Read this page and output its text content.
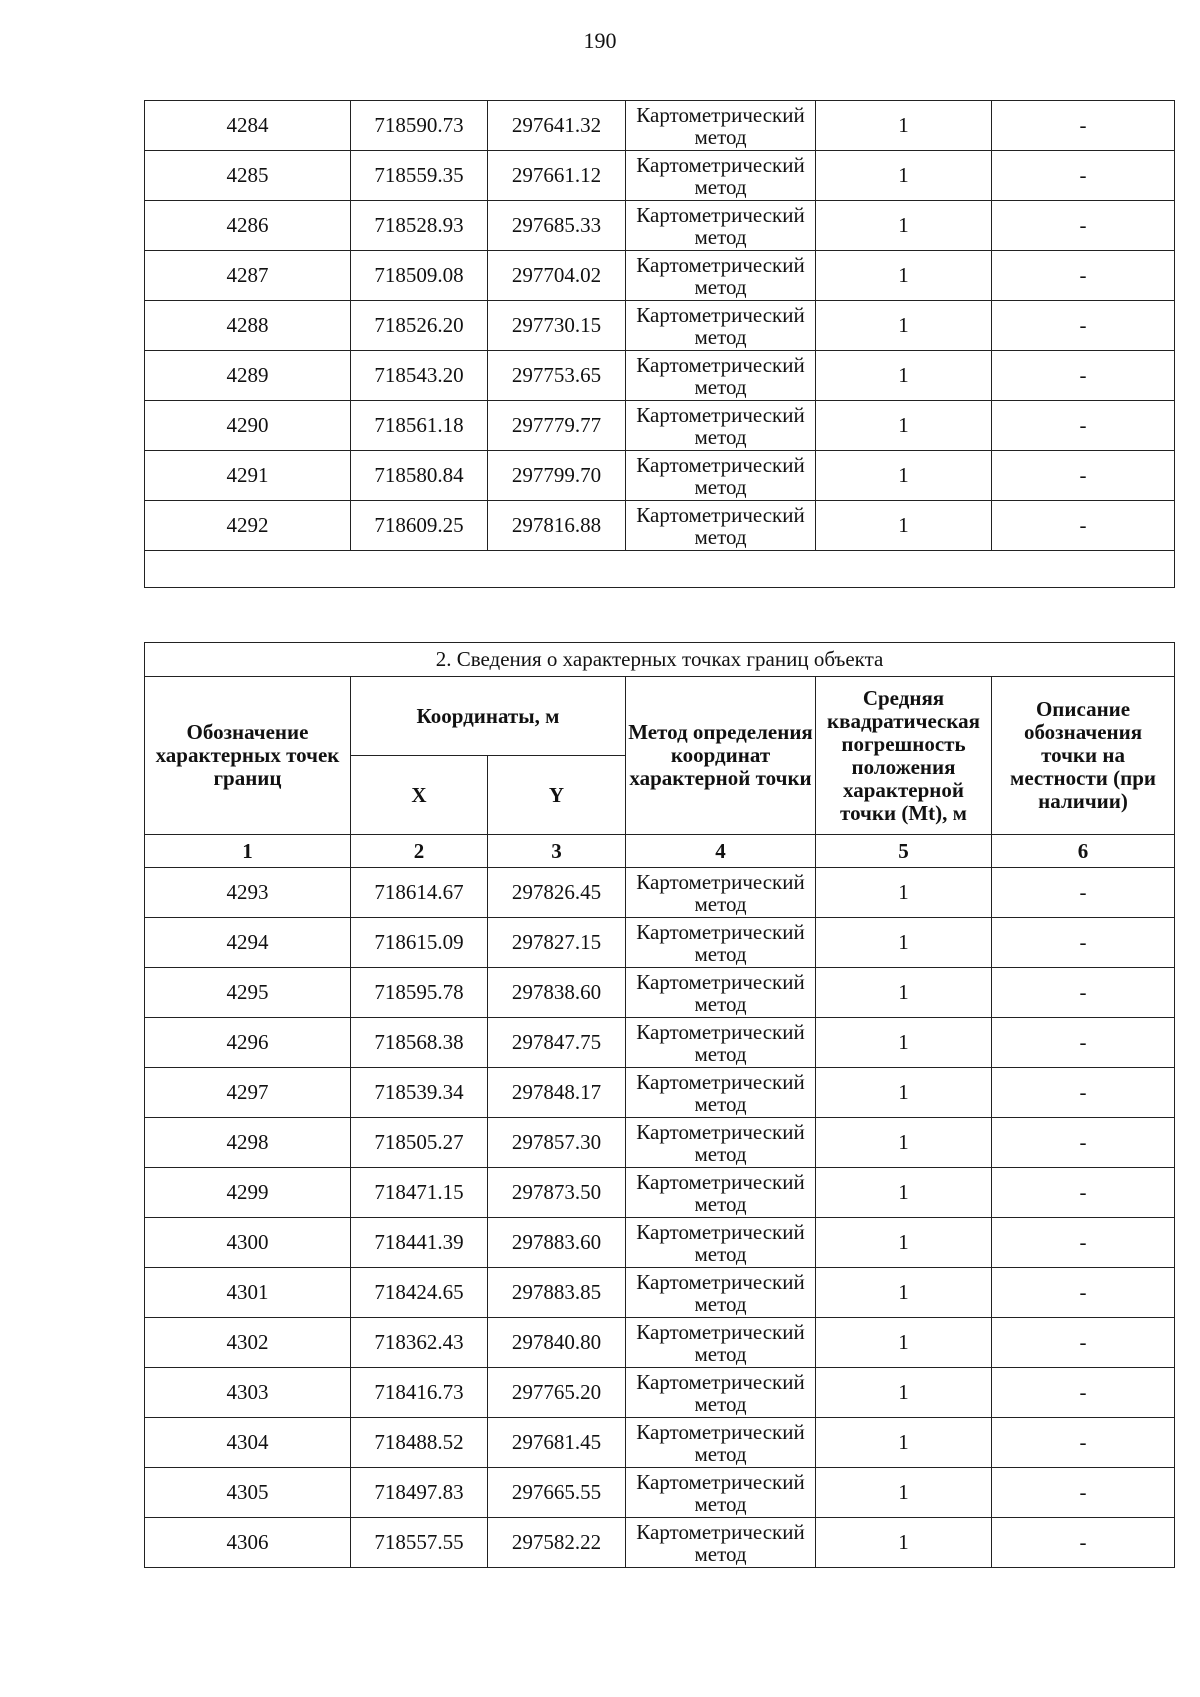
190
4284	718590.73	297641.32	Картометрический метод	1	-
4285	718559.35	297661.12	Картометрический метод	1	-
4286	718528.93	297685.33	Картометрический метод	1	-
4287	718509.08	297704.02	Картометрический метод	1	-
4288	718526.20	297730.15	Картометрический метод	1	-
4289	718543.20	297753.65	Картометрический метод	1	-
4290	718561.18	297779.77	Картометрический метод	1	-
4291	718580.84	297799.70	Картометрический метод	1	-
4292	718609.25	297816.88	Картометрический метод	1	-

2. Сведения о характерных точках границ объекта					
Обозначение характерных точек границ	Координаты, м		Метод определения координат характерной точки	Средняя квадратическая погрешность положения характерной точки (Mt), м	Описание обозначения точки на местности (при наличии)
	X	Y			
1	2	3	4	5	6
4293	718614.67	297826.45	Картометрический метод	1	-
4294	718615.09	297827.15	Картометрический метод	1	-
4295	718595.78	297838.60	Картометрический метод	1	-
4296	718568.38	297847.75	Картометрический метод	1	-
4297	718539.34	297848.17	Картометрический метод	1	-
4298	718505.27	297857.30	Картометрический метод	1	-
4299	718471.15	297873.50	Картометрический метод	1	-
4300	718441.39	297883.60	Картометрический метод	1	-
4301	718424.65	297883.85	Картометрический метод	1	-
4302	718362.43	297840.80	Картометрический метод	1	-
4303	718416.73	297765.20	Картометрический метод	1	-
4304	718488.52	297681.45	Картометрический метод	1	-
4305	718497.83	297665.55	Картометрический метод	1	-
4306	718557.55	297582.22	Картометрический метод	1	-
